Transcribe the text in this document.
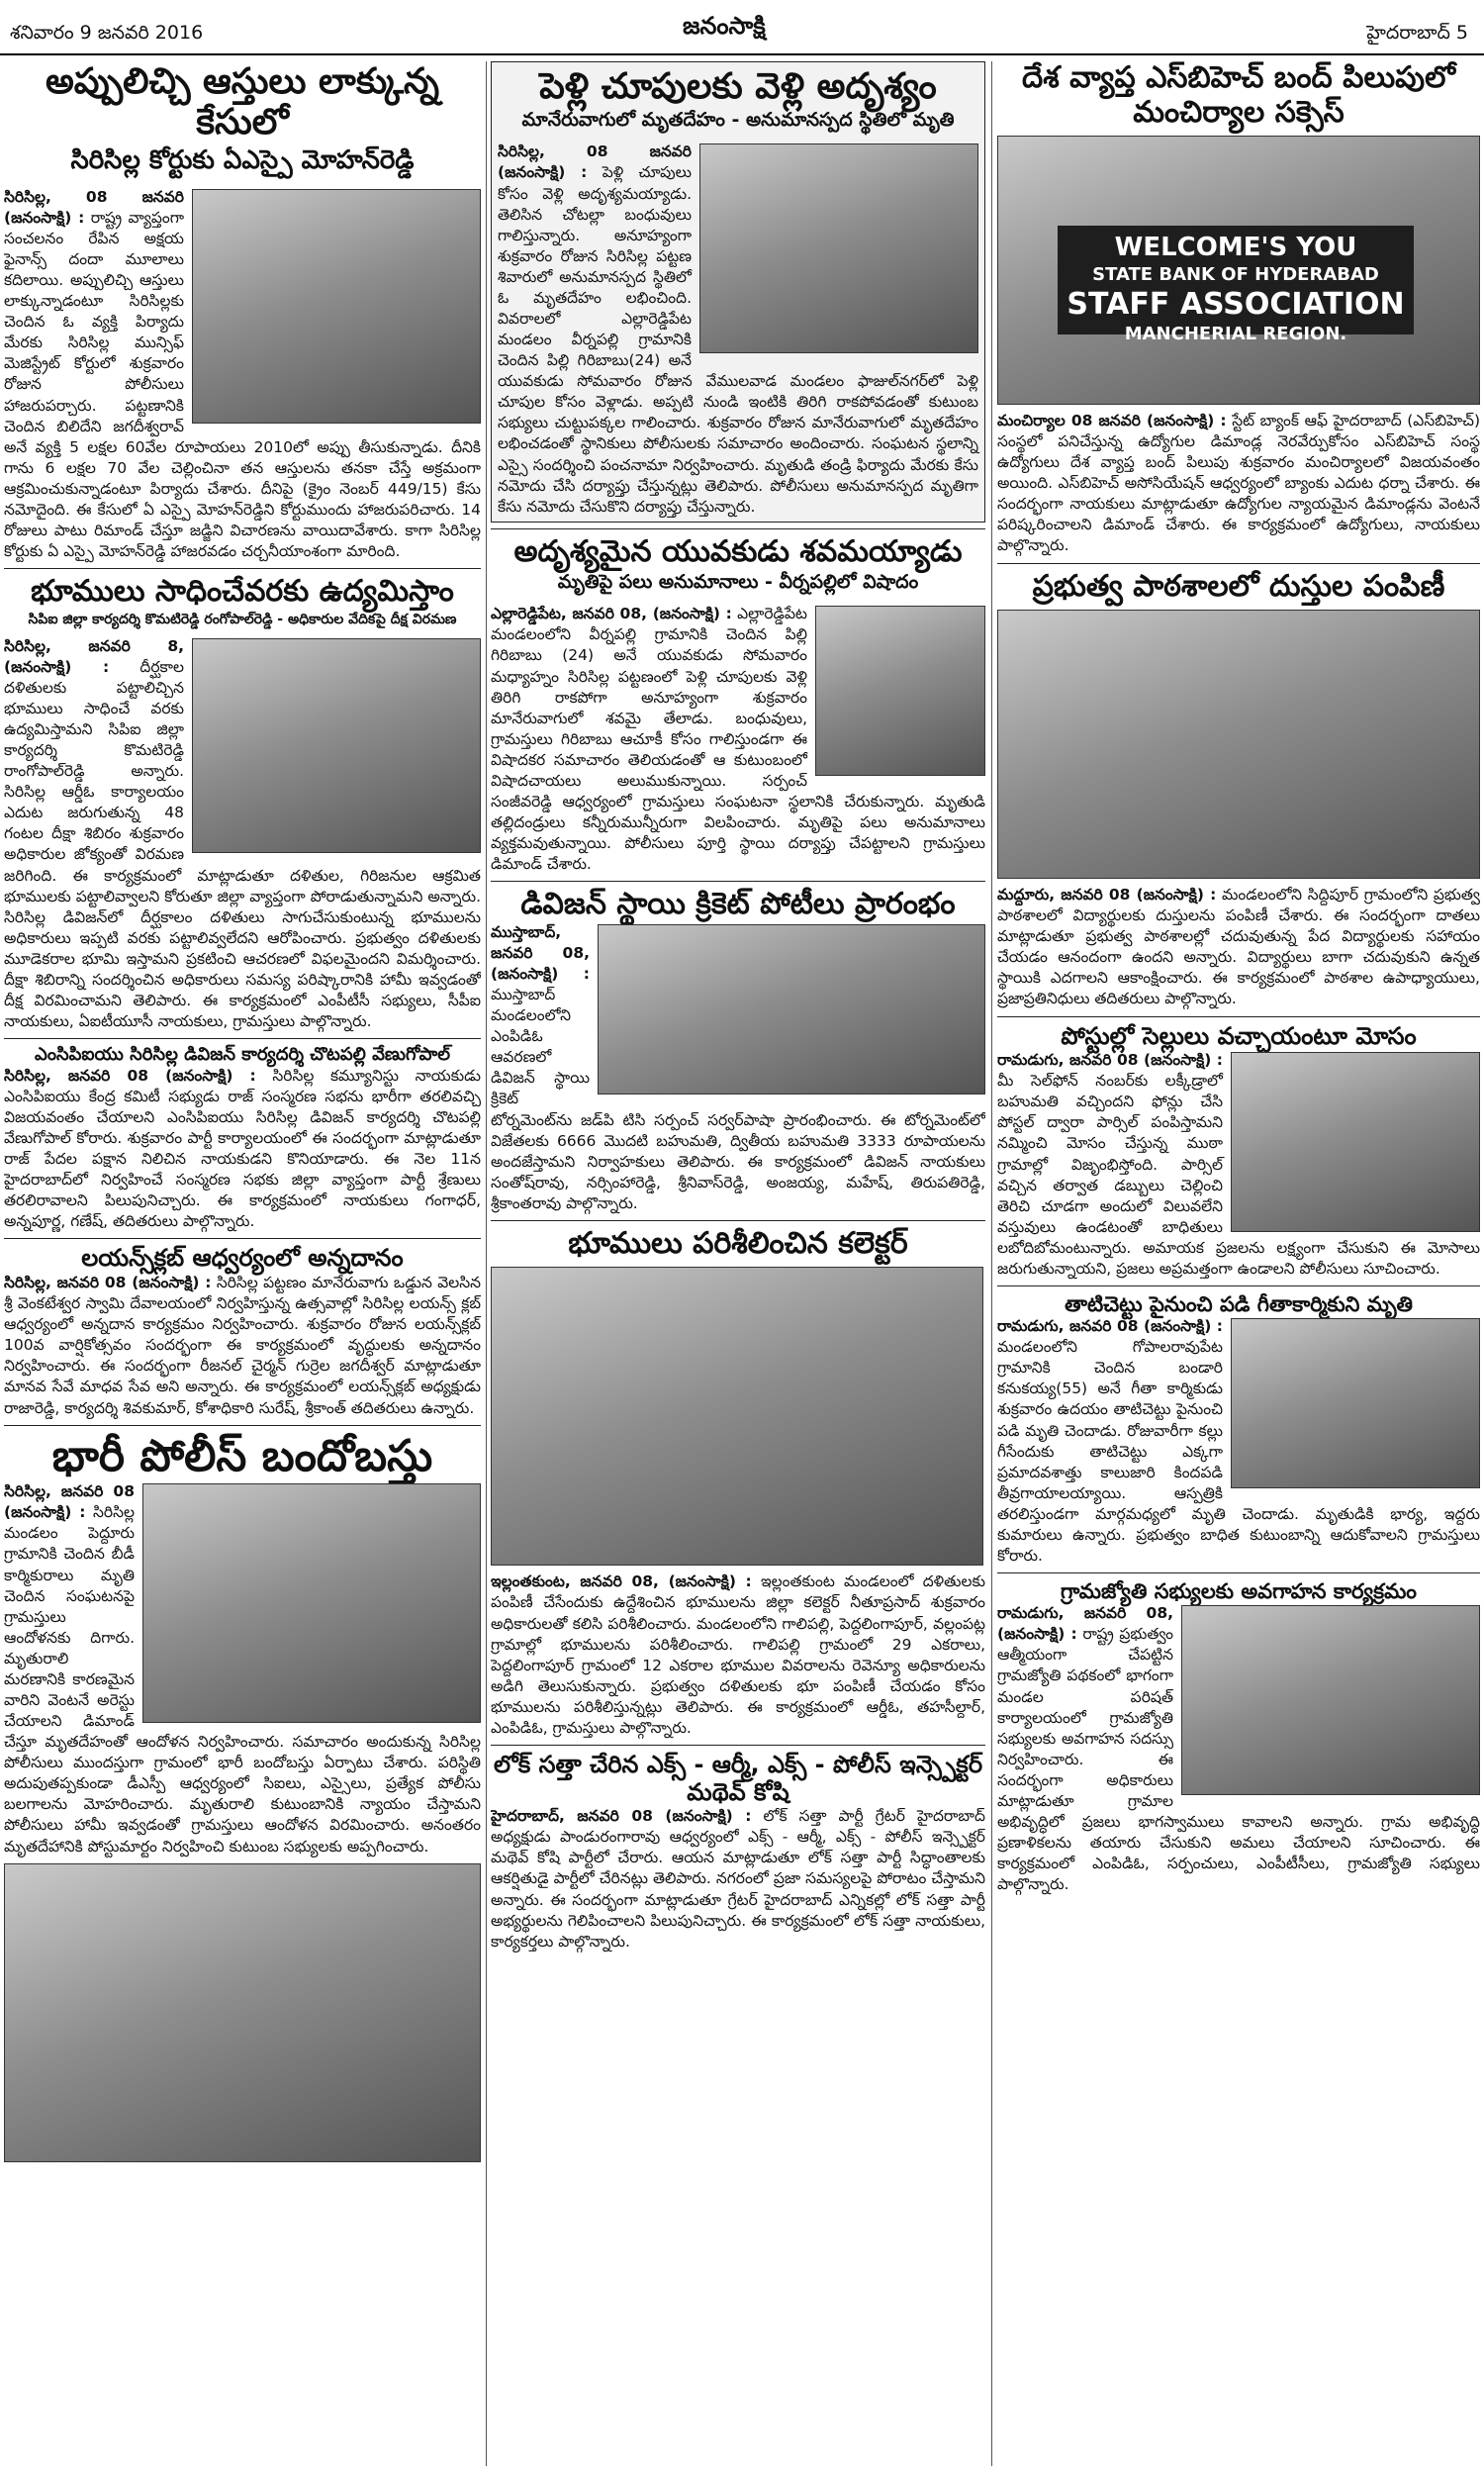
శనివారం 9 జనవరి 2016	జనంసాక్షి	హైదరాబాద్ 5
అప్పులిచ్చి ఆస్తులు లాక్కున్న కేసులో
సిరిసిల్ల కోర్టుకు ఏఎస్పై మోహన్‌రెడ్డి
సిరిసిల్ల, 08 జనవరి (జనంసాక్షి) : రాష్ట్ర వ్యాప్తంగా సంచలనం రేపిన అక్షయ ఫైనాన్స్ దందా మూలాలు కదిలాయి. అప్పులిచ్చి ఆస్తులు లాక్కున్నాడంటూ సిరిసిల్లకు చెందిన ఓ వ్యక్తి పిర్యాదు మేరకు సిరిసిల్ల మున్సిఫ్ మెజిస్ట్రేట్ కోర్టులో శుక్రవారం రోజున పోలీసులు హాజరుపర్చారు. పట్టణానికి చెందిన బిలిదేని జగదీశ్వరావ్ అనే వ్యక్తి 5 లక్షల 60వేల రూపాయలు 2010లో అప్పు తీసుకున్నాడు. దీనికి గాను 6 లక్షల 70 వేల చెల్లించినా తన ఆస్తులను తనకా చేస్తే అక్రమంగా ఆక్రమించుకున్నాడంటూ పిర్యాదు చేశారు. దీనిపై (క్రైం నెంబర్ 449/15) కేసు నమోదైంది. ఈ కేసులో ఏ ఎస్పై మోహన్‌రెడ్డిని కోర్టుముందు హాజరుపరిచారు. 14 రోజులు పాటు రిమాండ్ చేస్తూ జడ్జిని విచారణను వాయిదావేశారు. కాగా సిరిసిల్ల కోర్టుకు ఏ ఎస్పై మోహన్‌రెడ్డి హాజరవడం చర్చనీయాంశంగా మారింది.
భూములు సాధించేవరకు ఉద్యమిస్తాం
సిపిఐ జిల్లా కార్యదర్శి కొమటిరెడ్డి రంగోపాల్‌రెడ్డి - అధికారుల వేదికపై దీక్ష విరమణ
సిరిసిల్ల, జనవరి 8, (జనంసాక్షి) : దీర్ఘకాల దళితులకు పట్టాలిచ్చిన భూములు సాధించే వరకు ఉద్యమిస్తామని సిపిఐ జిల్లా కార్యదర్శి కొమటిరెడ్డి రాంగోపాల్‌రెడ్డి అన్నారు. సిరిసిల్ల ఆర్డీఓ కార్యాలయం ఎదుట జరుగుతున్న 48 గంటల దీక్షా శిబిరం శుక్రవారం అధికారుల జోక్యంతో విరమణ జరిగింది. ఈ కార్యక్రమంలో మాట్లాడుతూ దళితుల, గిరిజనుల ఆక్రమిత భూములకు పట్టాలివ్వాలని కోరుతూ జిల్లా వ్యాప్తంగా పోరాడుతున్నామని అన్నారు. సిరిసిల్ల డివిజన్‌లో దీర్ఘకాలం దళితులు సాగుచేసుకుంటున్న భూములను అధికారులు ఇప్పటి వరకు పట్టాలివ్వలేదని ఆరోపించారు. ప్రభుత్వం దళితులకు మూడెకరాల భూమి ఇస్తామని ప్రకటించి ఆచరణలో విఫలమైందని విమర్శించారు. దీక్షా శిబిరాన్ని సందర్శించిన అధికారులు సమస్య పరిష్కారానికి హామీ ఇవ్వడంతో దీక్ష విరమించామని తెలిపారు. ఈ కార్యక్రమంలో ఎంపీటీసీ సభ్యులు, సీపీఐ నాయకులు, ఏఐటీయూసీ నాయకులు, గ్రామస్తులు పాల్గొన్నారు.
ఎంసిపిఐయు సిరిసిల్ల డివిజన్ కార్యదర్శి చొటపల్లి వేణుగోపాల్
సిరిసిల్ల, జనవరి 08 (జనంసాక్షి) : సిరిసిల్ల కమ్యూనిస్టు నాయకుడు ఎంసిపిఐయు కేంద్ర కమిటీ సభ్యుడు రాజ్ సంస్మరణ సభను భారీగా తరలివచ్చి విజయవంతం చేయాలని ఎంసిపిఐయు సిరిసిల్ల డివిజన్ కార్యదర్శి చొటపల్లి వేణుగోపాల్ కోరారు. శుక్రవారం పార్టీ కార్యాలయంలో ఈ సందర్భంగా మాట్లాడుతూ రాజ్ పేదల పక్షాన నిలిచిన నాయకుడని కొనియాడారు. ఈ నెల 11న హైదరాబాద్‌లో నిర్వహించే సంస్మరణ సభకు జిల్లా వ్యాప్తంగా పార్టీ శ్రేణులు తరలిరావాలని పిలుపునిచ్చారు. ఈ కార్యక్రమంలో నాయకులు గంగాధర్, అన్నపూర్ణ, గణేష్, తదితరులు పాల్గొన్నారు.
లయన్స్‌క్లబ్ ఆధ్వర్యంలో అన్నదానం
సిరిసిల్ల, జనవరి 08 (జనంసాక్షి) : సిరిసిల్ల పట్టణం మానేరువాగు ఒడ్డున వెలసిన శ్రీ వెంకటేశ్వర స్వామి దేవాలయంలో నిర్వహిస్తున్న ఉత్సవాల్లో సిరిసిల్ల లయన్స్ క్లబ్ ఆధ్వర్యంలో అన్నదాన కార్యక్రమం నిర్వహించారు. శుక్రవారం రోజున లయన్స్‌క్లబ్ 100వ వార్షికోత్సవం సందర్భంగా ఈ కార్యక్రమంలో వృద్ధులకు అన్నదానం నిర్వహించారు. ఈ సందర్భంగా రీజనల్ చైర్మన్ గుర్రెల జగదీశ్వర్ మాట్లాడుతూ మానవ సేవే మాధవ సేవ అని అన్నారు. ఈ కార్యక్రమంలో లయన్స్‌క్లబ్ అధ్యక్షుడు రాజారెడ్డి, కార్యదర్శి శివకుమార్, కోశాధికారి సురేష్, శ్రీకాంత్ తదితరులు ఉన్నారు.
భారీ పోలీస్ బందోబస్తు
సిరిసిల్ల, జనవరి 08 (జనంసాక్షి) : సిరిసిల్ల మండలం పెద్దూరు గ్రామానికి చెందిన బీడీ కార్మికురాలు మృతి చెందిన సంఘటనపై గ్రామస్తులు ఆందోళనకు దిగారు. మృతురాలి మరణానికి కారణమైన వారిని వెంటనే అరెస్టు చేయాలని డిమాండ్ చేస్తూ మృతదేహంతో ఆందోళన నిర్వహించారు. సమాచారం అందుకున్న సిరిసిల్ల పోలీసులు ముందస్తుగా గ్రామంలో భారీ బందోబస్తు ఏర్పాటు చేశారు. పరిస్థితి అదుపుతప్పకుండా డీఎస్పీ ఆధ్వర్యంలో సిఐలు, ఎస్సైలు, ప్రత్యేక పోలీసు బలగాలను మోహరించారు. మృతురాలి కుటుంబానికి న్యాయం చేస్తామని పోలీసులు హామీ ఇవ్వడంతో గ్రామస్తులు ఆందోళన విరమించారు. అనంతరం మృతదేహానికి పోస్టుమార్టం నిర్వహించి కుటుంబ సభ్యులకు అప్పగించారు.
పెళ్లి చూపులకు వెళ్లి అదృశ్యం
మానేరువాగులో మృతదేహం - అనుమానస్పద స్థితిలో మృతి
సిరిసిల్ల, 08 జనవరి (జనంసాక్షి) : పెళ్లి చూపులు కోసం వెళ్లి అదృశ్యమయ్యాడు. తెలిసిన చోటల్లా బంధువులు గాలిస్తున్నారు. అనూహ్యంగా శుక్రవారం రోజున సిరిసిల్ల పట్టణ శివారులో అనుమానస్పద స్థితిలో ఓ మృతదేహం లభించింది. వివరాలలో ఎల్లారెడ్డిపేట మండలం వీర్నపల్లి గ్రామానికి చెందిన పిల్లి గిరిబాబు(24) అనే యువకుడు సోమవారం రోజున వేములవాడ మండలం ఫాజుల్‌నగర్‌లో పెళ్లి చూపుల కోసం వెళ్లాడు. అప్పటి నుండి ఇంటికి తిరిగి రాకపోవడంతో కుటుంబ సభ్యులు చుట్టుపక్కల గాలించారు. శుక్రవారం రోజున మానేరువాగులో మృతదేహం లభించడంతో స్థానికులు పోలీసులకు సమాచారం అందించారు. సంఘటన స్థలాన్ని ఎస్సై సందర్శించి పంచనామా నిర్వహించారు. మృతుడి తండ్రి ఫిర్యాదు మేరకు కేసు నమోదు చేసి దర్యాప్తు చేస్తున్నట్లు తెలిపారు. పోలీసులు అనుమానస్పద మృతిగా కేసు నమోదు చేసుకొని దర్యాప్తు చేస్తున్నారు.
అదృశ్యమైన యువకుడు శవమయ్యాడు
మృతిపై పలు అనుమానాలు - వీర్నపల్లిలో విషాదం
ఎల్లారెడ్డిపేట, జనవరి 08, (జనంసాక్షి) : ఎల్లారెడ్డిపేట మండలంలోని వీర్నపల్లి గ్రామానికి చెందిన పిల్లి గిరిబాబు (24) అనే యువకుడు సోమవారం మధ్యాహ్నం సిరిసిల్ల పట్టణంలో పెళ్లి చూపులకు వెళ్లి తిరిగి రాకపోగా అనూహ్యంగా శుక్రవారం మానేరువాగులో శవమై తేలాడు. బంధువులు, గ్రామస్తులు గిరిబాబు ఆచూకీ కోసం గాలిస్తుండగా ఈ విషాదకర సమాచారం తెలియడంతో ఆ కుటుంబంలో విషాదచాయలు అలుముకున్నాయి. సర్పంచ్ సంజీవరెడ్డి ఆధ్వర్యంలో గ్రామస్తులు సంఘటనా స్థలానికి చేరుకున్నారు. మృతుడి తల్లిదండ్రులు కన్నీరుమున్నీరుగా విలపించారు. మృతిపై పలు అనుమానాలు వ్యక్తమవుతున్నాయి. పోలీసులు పూర్తి స్థాయి దర్యాప్తు చేపట్టాలని గ్రామస్తులు డిమాండ్ చేశారు.
డివిజన్ స్థాయి క్రికెట్ పోటీలు ప్రారంభం
ముస్తాబాద్, జనవరి 08, (జనంసాక్షి) : ముస్తాబాద్ మండలంలోని ఎంపిడిఓ ఆవరణలో డివిజన్ స్థాయి క్రికెట్ టోర్నమెంట్‌ను జడ్‌పి టిసి సర్పంచ్ సర్వర్‌పాషా ప్రారంభించారు. ఈ టోర్నమెంట్‌లో విజేతలకు 6666 మొదటి బహుమతి, ద్వితీయ బహుమతి 3333 రూపాయలను అందజేస్తామని నిర్వాహకులు తెలిపారు. ఈ కార్యక్రమంలో డివిజన్ నాయకులు సంతోష్‌రావు, నర్సింహారెడ్డి, శ్రీనివాస్‌రెడ్డి, అంజయ్య, మహేష్, తిరుపతిరెడ్డి, శ్రీకాంతరావు పాల్గొన్నారు.
భూములు పరిశీలించిన కలెక్టర్
ఇల్లంతకుంట, జనవరి 08, (జనంసాక్షి) : ఇల్లంతకుంట మండలంలో దళితులకు పంపిణీ చేసేందుకు ఉద్దేశించిన భూములను జిల్లా కలెక్టర్ నీతూప్రసాద్ శుక్రవారం అధికారులతో కలిసి పరిశీలించారు. మండలంలోని గాలిపల్లి, పెద్దలింగాపూర్, వల్లంపట్ల గ్రామాల్లో భూములను పరిశీలించారు. గాలిపల్లి గ్రామంలో 29 ఎకరాలు, పెద్దలింగాపూర్ గ్రామంలో 12 ఎకరాల భూముల వివరాలను రెవెన్యూ అధికారులను అడిగి తెలుసుకున్నారు. ప్రభుత్వం దళితులకు భూ పంపిణీ చేయడం కోసం భూములను పరిశీలిస్తున్నట్లు తెలిపారు. ఈ కార్యక్రమంలో ఆర్డీఓ, తహసీల్దార్, ఎంపిడిఓ, గ్రామస్తులు పాల్గొన్నారు.
లోక్ సత్తా చేరిన ఎక్స్ - ఆర్మీ, ఎక్స్ - పోలీస్ ఇన్స్పెక్టర్ మథెవ్ కోషి
హైదరాబాద్, జనవరి 08 (జనంసాక్షి) : లోక్ సత్తా పార్టీ గ్రేటర్ హైదరాబాద్ అధ్యక్షుడు పాండురంగారావు ఆధ్వర్యంలో ఎక్స్ - ఆర్మీ, ఎక్స్ - పోలీస్ ఇన్స్పెక్టర్ మథెవ్ కోషి పార్టీలో చేరారు. ఆయన మాట్లాడుతూ లోక్ సత్తా పార్టీ సిద్ధాంతాలకు ఆకర్షితుడై పార్టీలో చేరినట్లు తెలిపారు. నగరంలో ప్రజా సమస్యలపై పోరాటం చేస్తామని అన్నారు. ఈ సందర్భంగా మాట్లాడుతూ గ్రేటర్ హైదరాబాద్ ఎన్నికల్లో లోక్ సత్తా పార్టీ అభ్యర్థులను గెలిపించాలని పిలుపునిచ్చారు. ఈ కార్యక్రమంలో లోక్ సత్తా నాయకులు, కార్యకర్తలు పాల్గొన్నారు.
దేశ వ్యాప్త ఎస్‌బిహెచ్ బంద్ పిలుపులో మంచిర్యాల సక్సెస్
WELCOME'S YOU
STATE BANK OF HYDERABAD
STAFF ASSOCIATION
MANCHERIAL REGION.
మంచిర్యాల 08 జనవరి (జనంసాక్షి) : స్టేట్ బ్యాంక్ ఆఫ్ హైదరాబాద్ (ఎస్‌బిహెచ్) సంస్థలో పనిచేస్తున్న ఉద్యోగుల డిమాండ్ల నెరవేర్పుకోసం ఎస్‌బిహెచ్ సంస్థ ఉద్యోగులు దేశ వ్యాప్త బంద్ పిలుపు శుక్రవారం మంచిర్యాలలో విజయవంతం అయింది. ఎస్‌బిహెచ్ అసోసియేషన్ ఆధ్వర్యంలో బ్యాంకు ఎదుట ధర్నా చేశారు. ఈ సందర్భంగా నాయకులు మాట్లాడుతూ ఉద్యోగుల న్యాయమైన డిమాండ్లను వెంటనే పరిష్కరించాలని డిమాండ్ చేశారు. ఈ కార్యక్రమంలో ఉద్యోగులు, నాయకులు పాల్గొన్నారు.
ప్రభుత్వ పాఠశాలలో దుస్తుల పంపిణీ
మద్దూరు, జనవరి 08 (జనంసాక్షి) : మండలంలోని సిద్దిపూర్ గ్రామంలోని ప్రభుత్వ పాఠశాలలో విద్యార్థులకు దుస్తులను పంపిణీ చేశారు. ఈ సందర్భంగా దాతలు మాట్లాడుతూ ప్రభుత్వ పాఠశాలల్లో చదువుతున్న పేద విద్యార్థులకు సహాయం చేయడం ఆనందంగా ఉందని అన్నారు. విద్యార్థులు బాగా చదువుకుని ఉన్నత స్థాయికి ఎదగాలని ఆకాంక్షించారు. ఈ కార్యక్రమంలో పాఠశాల ఉపాధ్యాయులు, ప్రజాప్రతినిధులు తదితరులు పాల్గొన్నారు.
పోస్టుల్లో సెల్లులు వచ్చాయంటూ మోసం
రామడుగు, జనవరి 08 (జనంసాక్షి) : మీ సెల్‌ఫోన్ నంబర్‌కు లక్కీడ్రాలో బహుమతి వచ్చిందని ఫోన్లు చేసి పోస్టల్ ద్వారా పార్సిల్ పంపిస్తామని నమ్మించి మోసం చేస్తున్న ముఠా గ్రామాల్లో విజృంభిస్తోంది. పార్సిల్ వచ్చిన తర్వాత డబ్బులు చెల్లించి తెరిచి చూడగా అందులో విలువలేని వస్తువులు ఉండటంతో బాధితులు లబోదిబోమంటున్నారు. అమాయక ప్రజలను లక్ష్యంగా చేసుకుని ఈ మోసాలు జరుగుతున్నాయని, ప్రజలు అప్రమత్తంగా ఉండాలని పోలీసులు సూచించారు.
తాటిచెట్టు పైనుంచి పడి గీతాకార్మికుని మృతి
రామడుగు, జనవరి 08 (జనంసాక్షి) : మండలంలోని గోపాలరావుపేట గ్రామానికి చెందిన బండారి కనుకయ్య(55) అనే గీతా కార్మికుడు శుక్రవారం ఉదయం తాటిచెట్టు పైనుంచి పడి మృతి చెందాడు. రోజువారీగా కల్లు గీసేందుకు తాటిచెట్టు ఎక్కగా ప్రమాదవశాత్తు కాలుజారి కిందపడి తీవ్రగాయాలయ్యాయి. ఆస్పత్రికి తరలిస్తుండగా మార్గమధ్యలో మృతి చెందాడు. మృతుడికి భార్య, ఇద్దరు కుమారులు ఉన్నారు. ప్రభుత్వం బాధిత కుటుంబాన్ని ఆదుకోవాలని గ్రామస్తులు కోరారు.
గ్రామజ్యోతి సభ్యులకు అవగాహన కార్యక్రమం
రామడుగు, జనవరి 08, (జనంసాక్షి) : రాష్ట్ర ప్రభుత్వం ఆత్మీయంగా చేపట్టిన గ్రామజ్యోతి పథకంలో భాగంగా మండల పరిషత్ కార్యాలయంలో గ్రామజ్యోతి సభ్యులకు అవగాహన సదస్సు నిర్వహించారు. ఈ సందర్భంగా అధికారులు మాట్లాడుతూ గ్రామాల అభివృద్ధిలో ప్రజలు భాగస్వాములు కావాలని అన్నారు. గ్రామ అభివృద్ధి ప్రణాళికలను తయారు చేసుకుని అమలు చేయాలని సూచించారు. ఈ కార్యక్రమంలో ఎంపిడిఓ, సర్పంచులు, ఎంపీటీసీలు, గ్రామజ్యోతి సభ్యులు పాల్గొన్నారు.
